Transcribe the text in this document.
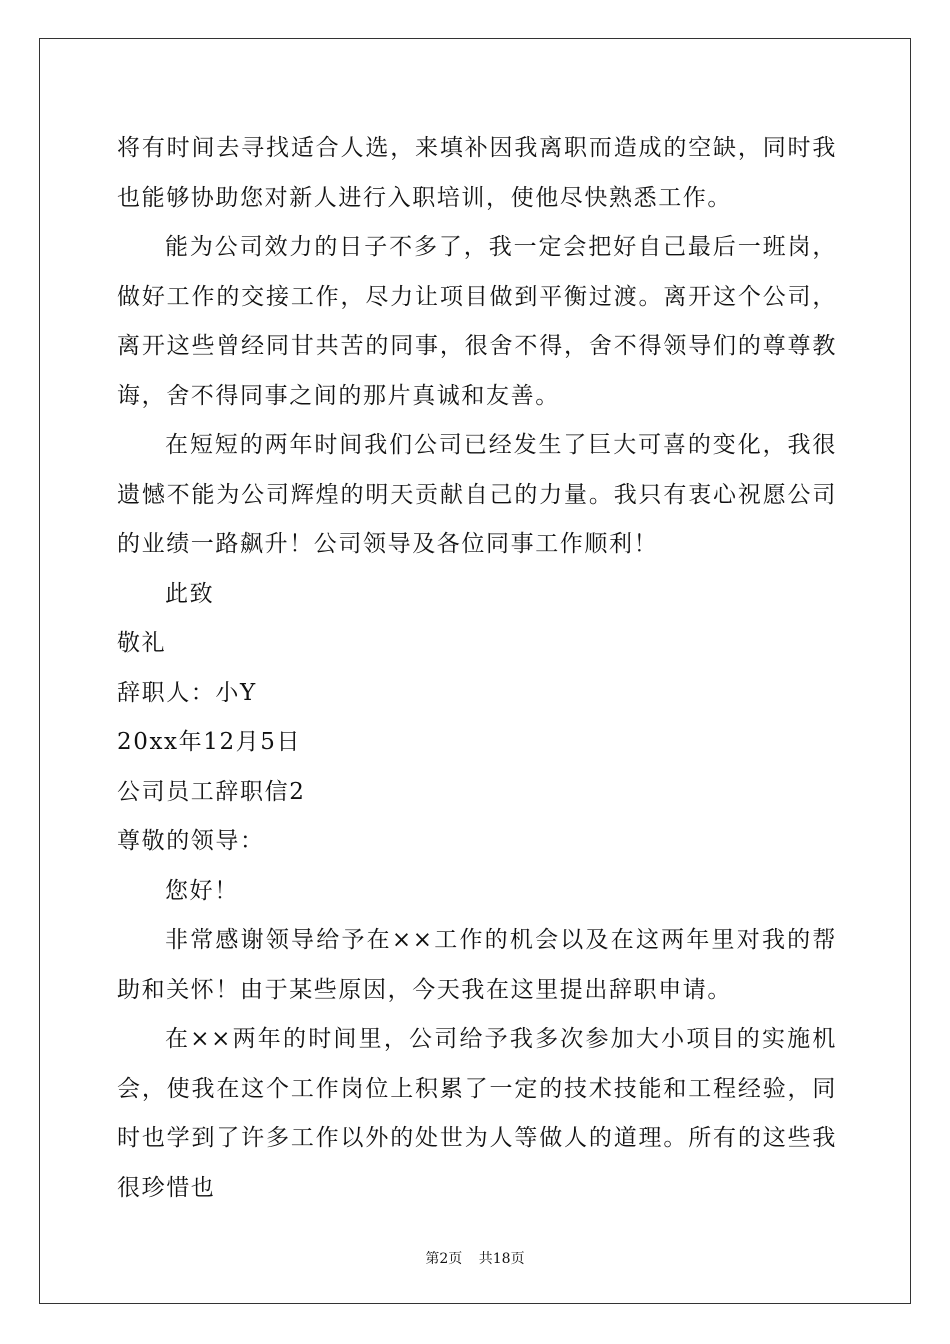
将有时间去寻找适合人选，来填补因我离职而造成的空缺，同时我也能够协助您对新人进行入职培训，使他尽快熟悉工作。

能为公司效力的日子不多了，我一定会把好自己最后一班岗，做好工作的交接工作，尽力让项目做到平衡过渡。离开这个公司，离开这些曾经同甘共苦的同事，很舍不得，舍不得领导们的尊尊教诲，舍不得同事之间的那片真诚和友善。

在短短的两年时间我们公司已经发生了巨大可喜的变化，我很遗憾不能为公司辉煌的明天贡献自己的力量。我只有衷心祝愿公司的业绩一路飙升！公司领导及各位同事工作顺利！

此致

敬礼

辞职人：小Y

20xx年12月5日

公司员工辞职信2

尊敬的领导：

您好！

非常感谢领导给予在××工作的机会以及在这两年里对我的帮助和关怀！由于某些原因，今天我在这里提出辞职申请。

在××两年的时间里，公司给予我多次参加大小项目的实施机会，使我在这个工作岗位上积累了一定的技术技能和工程经验，同时也学到了许多工作以外的处世为人等做人的道理。所有的这些我很珍惜也

第2页 共18页
